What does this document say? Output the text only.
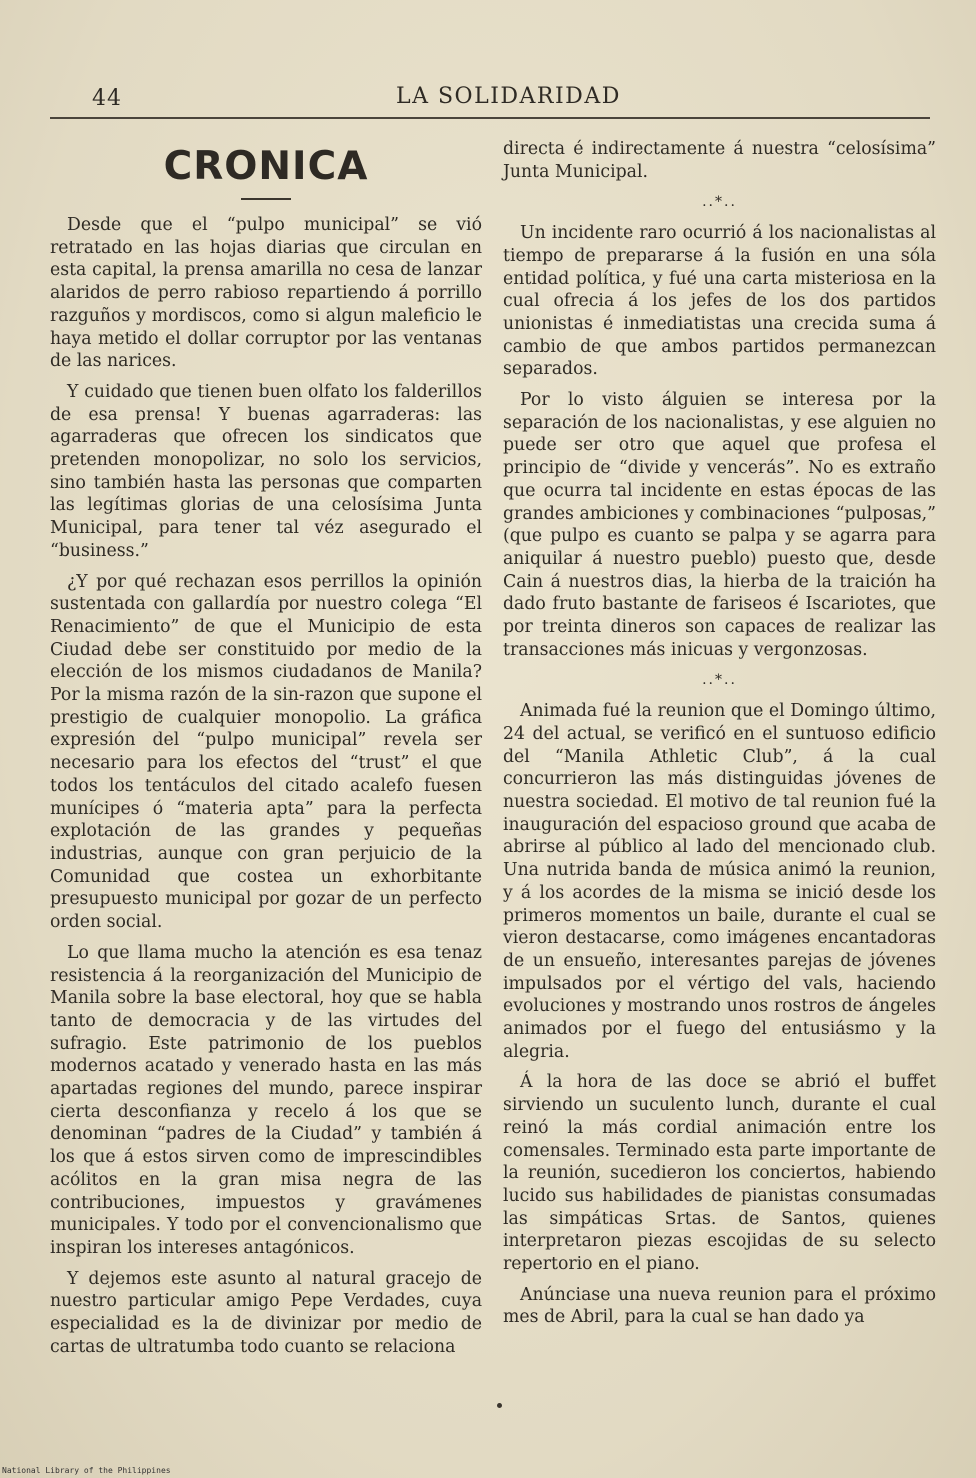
44	LA SOLIDARIDAD
CRONICA

Desde que el “pulpo municipal” se vió retratado en las hojas diarias que circulan en esta capital, la prensa amarilla no cesa de lanzar alaridos de perro rabioso repartiendo á porrillo razguños y mordiscos, como si algun maleficio le haya metido el dollar corruptor por las ventanas de las narices.

Y cuidado que tienen buen olfato los falderillos de esa prensa! Y buenas agarraderas: las agarraderas que ofrecen los sindicatos que pretenden monopolizar, no solo los servicios, sino también hasta las personas que comparten las legítimas glorias de una celosísima Junta Municipal, para tener tal véz asegurado el “business.”

¿Y por qué rechazan esos perrillos la opinión sustentada con gallardía por nuestro colega “El Renacimiento” de que el Municipio de esta Ciudad debe ser constituido por medio de la elección de los mismos ciudadanos de Manila? Por la misma razón de la sin-razon que supone el prestigio de cualquier monopolio. La gráfica expresión del “pulpo municipal” revela ser necesario para los efectos del “trust” el que todos los tentáculos del citado acalefo fuesen munícipes ó “materia apta” para la perfecta explotación de las grandes y pequeñas industrias, aunque con gran perjuicio de la Comunidad que costea un exhorbitante presupuesto municipal por gozar de un perfecto orden social.

Lo que llama mucho la atención es esa tenaz resistencia á la reorganización del Municipio de Manila sobre la base electoral, hoy que se habla tanto de democracia y de las virtudes del sufragio. Este patrimonio de los pueblos modernos acatado y venerado hasta en las más apartadas regiones del mundo, parece inspirar cierta desconfianza y recelo á los que se denominan “padres de la Ciudad” y también á los que á estos sirven como de imprescindibles acólitos en la gran misa negra de las contribuciones, impuestos y gravámenes municipales. Y todo por el convencionalismo que inspiran los intereses antagónicos.

Y dejemos este asunto al natural gracejo de nuestro particular amigo Pepe Verdades, cuya especialidad es la de divinizar por medio de cartas de ultratumba todo cuanto se relaciona

directa é indirectamente á nuestra “celosísima” Junta Municipal.

..*..

Un incidente raro ocurrió á los nacionalistas al tiempo de prepararse á la fusión en una sóla entidad política, y fué una carta misteriosa en la cual ofrecia á los jefes de los dos partidos unionistas é inmediatistas una crecida suma á cambio de que ambos partidos permanezcan separados.

Por lo visto álguien se interesa por la separación de los nacionalistas, y ese alguien no puede ser otro que aquel que profesa el principio de “divide y vencerás”. No es extraño que ocurra tal incidente en estas épocas de las grandes ambiciones y combinaciones “pulposas,” (que pulpo es cuanto se palpa y se agarra para aniquilar á nuestro pueblo) puesto que, desde Cain á nuestros dias, la hierba de la traición ha dado fruto bastante de fariseos é Iscariotes, que por treinta dineros son capaces de realizar las transacciones más inicuas y vergonzosas.

..*..

Animada fué la reunion que el Domingo último, 24 del actual, se verificó en el suntuoso edificio del “Manila Athletic Club”, á la cual concurrieron las más distinguidas jóvenes de nuestra sociedad. El motivo de tal reunion fué la inauguración del espacioso ground que acaba de abrirse al público al lado del mencionado club. Una nutrida banda de música animó la reunion, y á los acordes de la misma se inició desde los primeros momentos un baile, durante el cual se vieron destacarse, como imágenes encantadoras de un ensueño, interesantes parejas de jóvenes impulsados por el vértigo del vals, haciendo evoluciones y mostrando unos rostros de ángeles animados por el fuego del entusiásmo y la alegria.

Á la hora de las doce se abrió el buffet sirviendo un suculento lunch, durante el cual reinó la más cordial animación entre los comensales. Terminado esta parte importante de la reunión, sucedieron los conciertos, habiendo lucido sus habilidades de pianistas consumadas las simpáticas Srtas. de Santos, quienes interpretaron piezas escojidas de su selecto repertorio en el piano.

Anúnciase una nueva reunion para el próximo mes de Abril, para la cual se han dado ya

National Library of the Philippines
